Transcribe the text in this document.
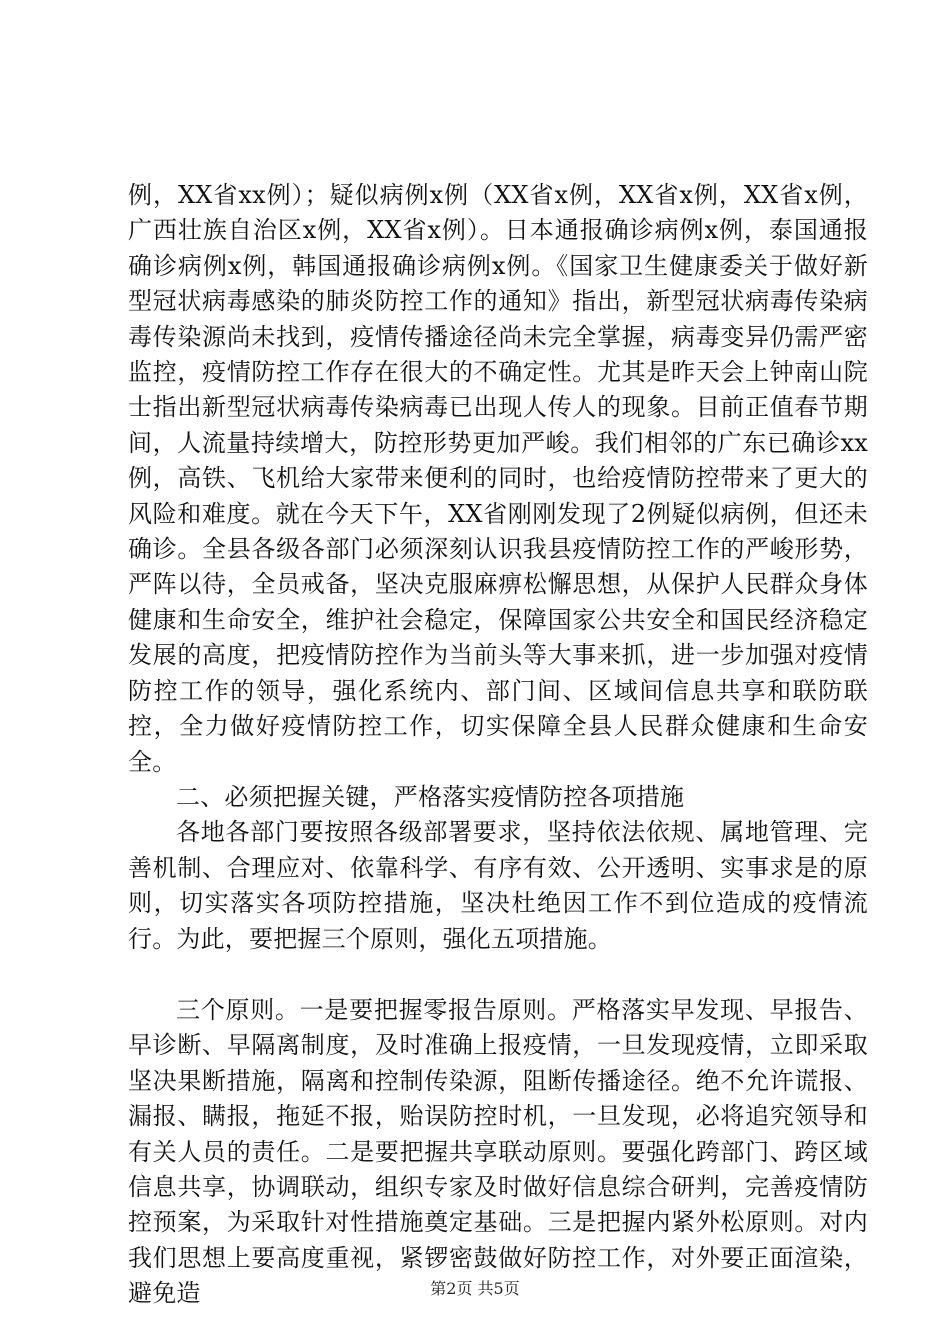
例，XX省xx例）；疑似病例x例（XX省x例，XX省x例，XX省x例，广西壮族自治区x例，XX省x例）。日本通报确诊病例x例，泰国通报确诊病例x例，韩国通报确诊病例x例。《国家卫生健康委关于做好新型冠状病毒感染的肺炎防控工作的通知》指出，新型冠状病毒传染病毒传染源尚未找到，疫情传播途径尚未完全掌握，病毒变异仍需严密监控，疫情防控工作存在很大的不确定性。尤其是昨天会上钟南山院士指出新型冠状病毒传染病毒已出现人传人的现象。目前正值春节期间，人流量持续增大，防控形势更加严峻。我们相邻的广东已确诊xx例，高铁、飞机给大家带来便利的同时，也给疫情防控带来了更大的风险和难度。就在今天下午，XX省刚刚发现了2例疑似病例，但还未确诊。全县各级各部门必须深刻认识我县疫情防控工作的严峻形势，严阵以待，全员戒备，坚决克服麻痹松懈思想，从保护人民群众身体健康和生命安全，维护社会稳定，保障国家公共安全和国民经济稳定发展的高度，把疫情防控作为当前头等大事来抓，进一步加强对疫情防控工作的领导，强化系统内、部门间、区域间信息共享和联防联控，全力做好疫情防控工作，切实保障全县人民群众健康和生命安全。

二、必须把握关键，严格落实疫情防控各项措施

各地各部门要按照各级部署要求，坚持依法依规、属地管理、完善机制、合理应对、依靠科学、有序有效、公开透明、实事求是的原则，切实落实各项防控措施，坚决杜绝因工作不到位造成的疫情流行。为此，要把握三个原则，强化五项措施。

三个原则。一是要把握零报告原则。严格落实早发现、早报告、早诊断、早隔离制度，及时准确上报疫情，一旦发现疫情，立即采取坚决果断措施，隔离和控制传染源，阻断传播途径。绝不允许谎报、漏报、瞒报，拖延不报，贻误防控时机，一旦发现，必将追究领导和有关人员的责任。二是要把握共享联动原则。要强化跨部门、跨区域信息共享，协调联动，组织专家及时做好信息综合研判，完善疫情防控预案，为采取针对性措施奠定基础。三是把握内紧外松原则。对内我们思想上要高度重视，紧锣密鼓做好防控工作，对外要正面渲染，避免造	第2页 共5页
